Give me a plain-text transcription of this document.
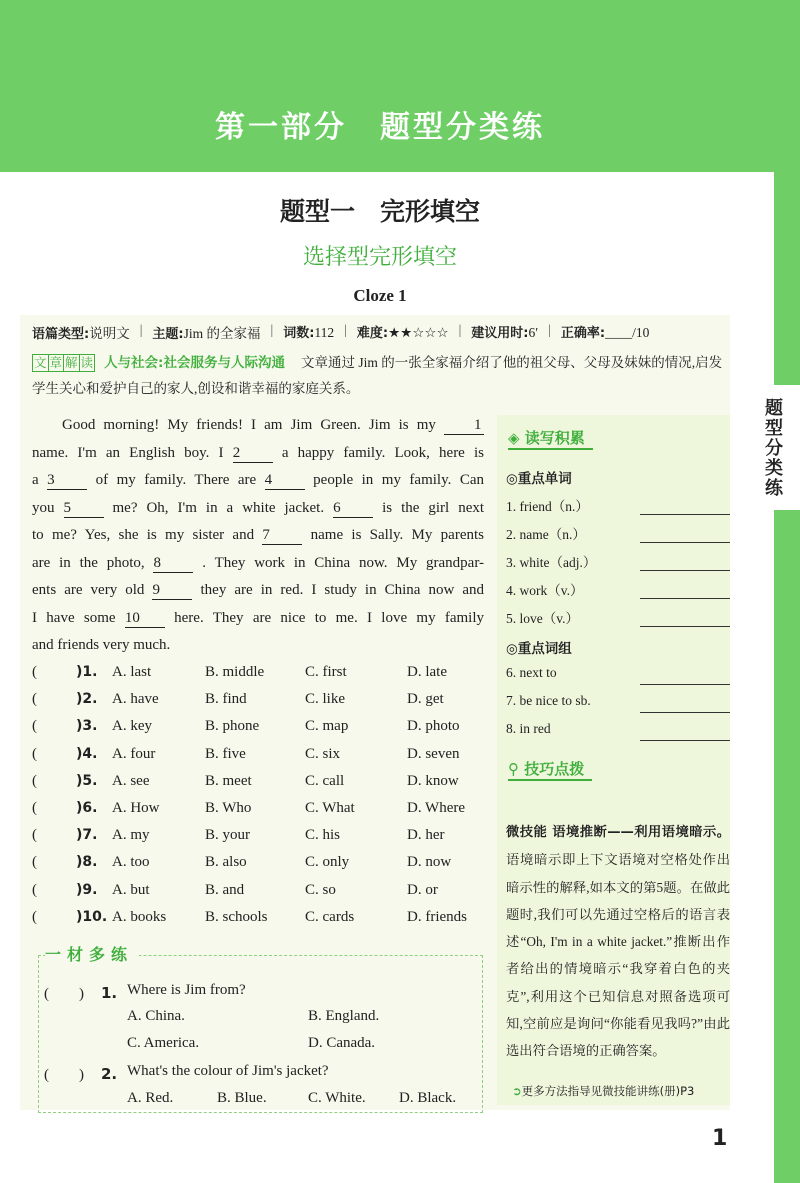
第一部分　题型分类练
题型一　完形填空
选择型完形填空
Cloze 1
语篇类型:说明文 | 主题:Jim 的全家福 | 词数:112 | 难度:★★☆☆☆ | 建议用时:6′ | 正确率:____/10
文 章 解 读 人与社会:社会服务与人际沟通 文章通过 Jim 的一张全家福介绍了他的祖父母、父母及妹妹的情况,启发学生关心和爱护自己的家人,创设和谐幸福的家庭关系。
Good morning! My friends! I am Jim Green. Jim is my	1
name. I'm an English boy. I 2	a happy family. Look, here is
a 3	of my family. There are 4	people in my family. Can
you 5	me? Oh, I'm in a white jacket. 6	is the girl next
to me? Yes, she is my sister and 7	name is Sally. My parents
are in the photo, 8	. They work in China now. My grandpar-
ents are very old 9	they are in red. I study in China now and
I have some 10 here. They are nice to me. I love my family
and friends very much.
(　　 )1. A. last	B. middle	C. first	D. late
(　　 )2. A. have	B. find	C. like	D. get
(　　 )3. A. key	B. phone	C. map	D. photo
(　　 )4. A. four	B. five	C. six	D. seven
(　　 )5. A. see	B. meet	C. call	D. know
(　　 )6. A. How	B. Who	C. What	D. Where
(　　 )7. A. my	B. your	C. his	D. her
(　　 )8. A. too	B. also	C. only	D. now
(　　 )9. A. but	B. and	C. so	D. or
(　　 )10. A. books	B. schools C. cards	D. friends
一材多练
(　　) 1. Where is Jim from?
A. China.	B. England.
C. America.	D. Canada.
(　　) 2. What's the colour of Jim's jacket?
A. Red.	B. Blue.	C. White. D. Black.
◈ 读写积累
◎重点单词
1. friend（n.）
2. name（n.）
3. white（adj.）
4. work（v.）
5. love（v.）
◎重点词组
6. next to
7. be nice to sb.
8. in red
⚲ 技巧点拨
微技能 语境推断——利用语境暗示。语境暗示即上下文语境对空格处作出暗示性的解释,如本文的第5题。在做此题时,我们可以先通过空格后的语言表述“Oh, I'm in a white jacket.”推断出作者给出的情境暗示“我穿着白色的夹克”,利用这个已知信息对照备选项可知,空前应是询问“你能看见我吗?”由此选出符合语境的正确答案。
➲更多方法指导见微技能讲练(册)P3
题型分类练
1
